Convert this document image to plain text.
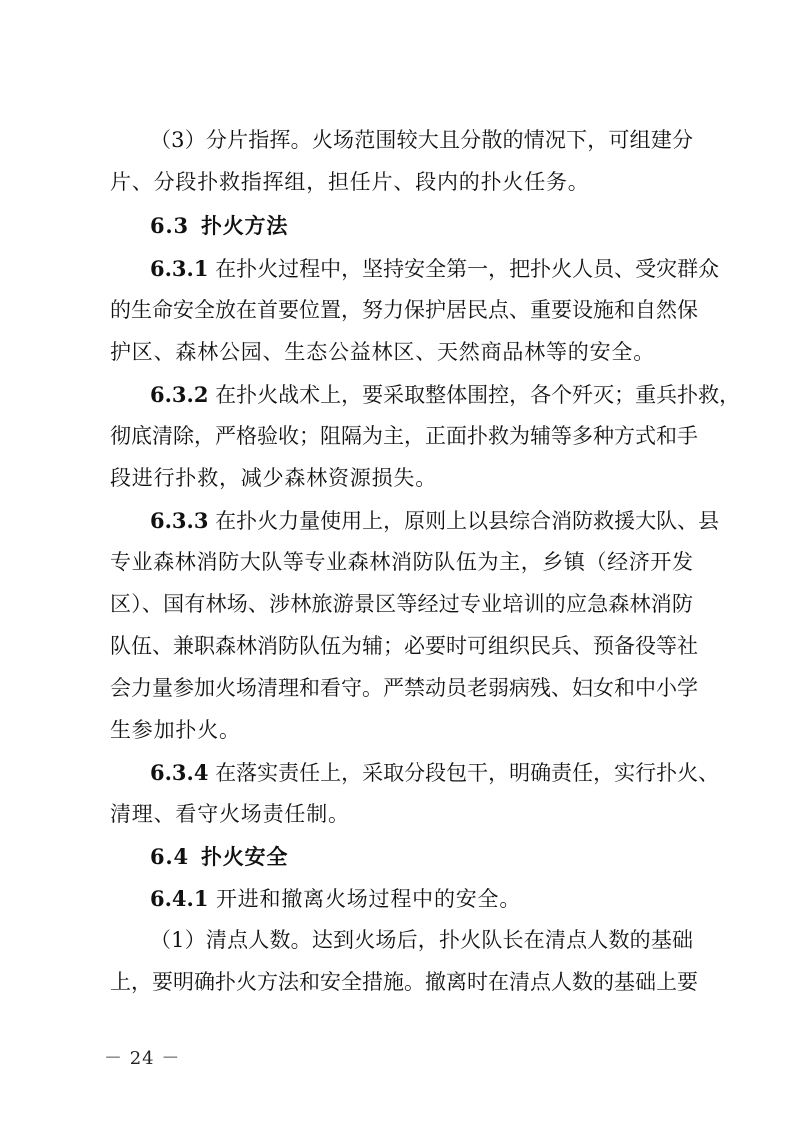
（3）分片指挥。火场范围较大且分散的情况下，可组建分
片、分段扑救指挥组，担任片、段内的扑火任务。
6.3 扑火方法
6.3.1 在扑火过程中，坚持安全第一，把扑火人员、受灾群众
的生命安全放在首要位置，努力保护居民点、重要设施和自然保
护区、森林公园、生态公益林区、天然商品林等的安全。
6.3.2 在扑火战术上，要采取整体围控，各个歼灭；重兵扑救，
彻底清除，严格验收；阻隔为主，正面扑救为辅等多种方式和手
段进行扑救，减少森林资源损失。
6.3.3 在扑火力量使用上，原则上以县综合消防救援大队、县
专业森林消防大队等专业森林消防队伍为主，乡镇（经济开发
区）、国有林场、涉林旅游景区等经过专业培训的应急森林消防
队伍、兼职森林消防队伍为辅；必要时可组织民兵、预备役等社
会力量参加火场清理和看守。严禁动员老弱病残、妇女和中小学
生参加扑火。
6.3.4 在落实责任上，采取分段包干，明确责任，实行扑火、
清理、看守火场责任制。
6.4 扑火安全
6.4.1 开进和撤离火场过程中的安全。
（1）清点人数。达到火场后，扑火队长在清点人数的基础
上，要明确扑火方法和安全措施。撤离时在清点人数的基础上要
－ 24 －
